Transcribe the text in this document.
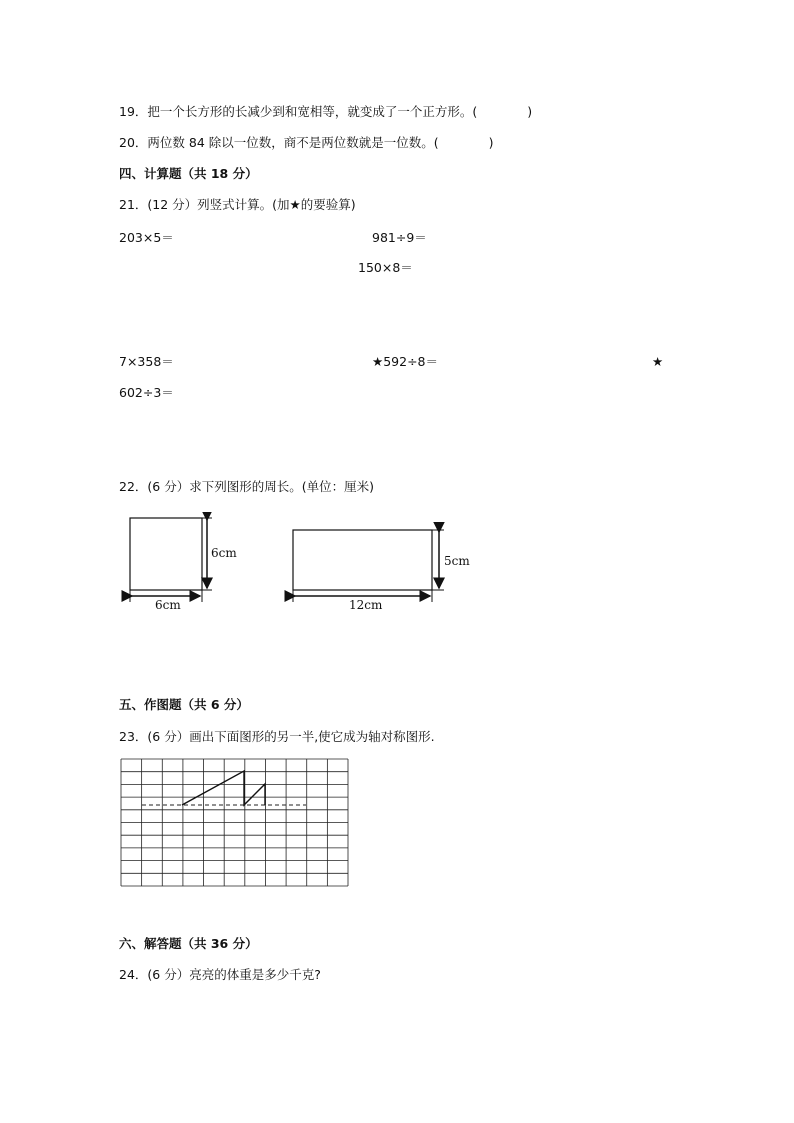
19．把一个长方形的长减少到和宽相等，就变成了一个正方形。(　　　　)
20．两位数 84 除以一位数，商不是两位数就是一位数。(　　　　)
四、计算题（共 18 分）
21．(12 分）列竖式计算。(加★的要验算)
203×5＝	981÷9＝
150×8＝
7×358＝	★592÷8＝	★
602÷3＝
22．(6 分）求下列图形的周长。(单位：厘米)
6cm
6cm
5cm
12cm
五、作图题（共 6 分）
23．(6 分）画出下面图形的另一半,使它成为轴对称图形.
六、解答题（共 36 分）
24．(6 分）亮亮的体重是多少千克?
